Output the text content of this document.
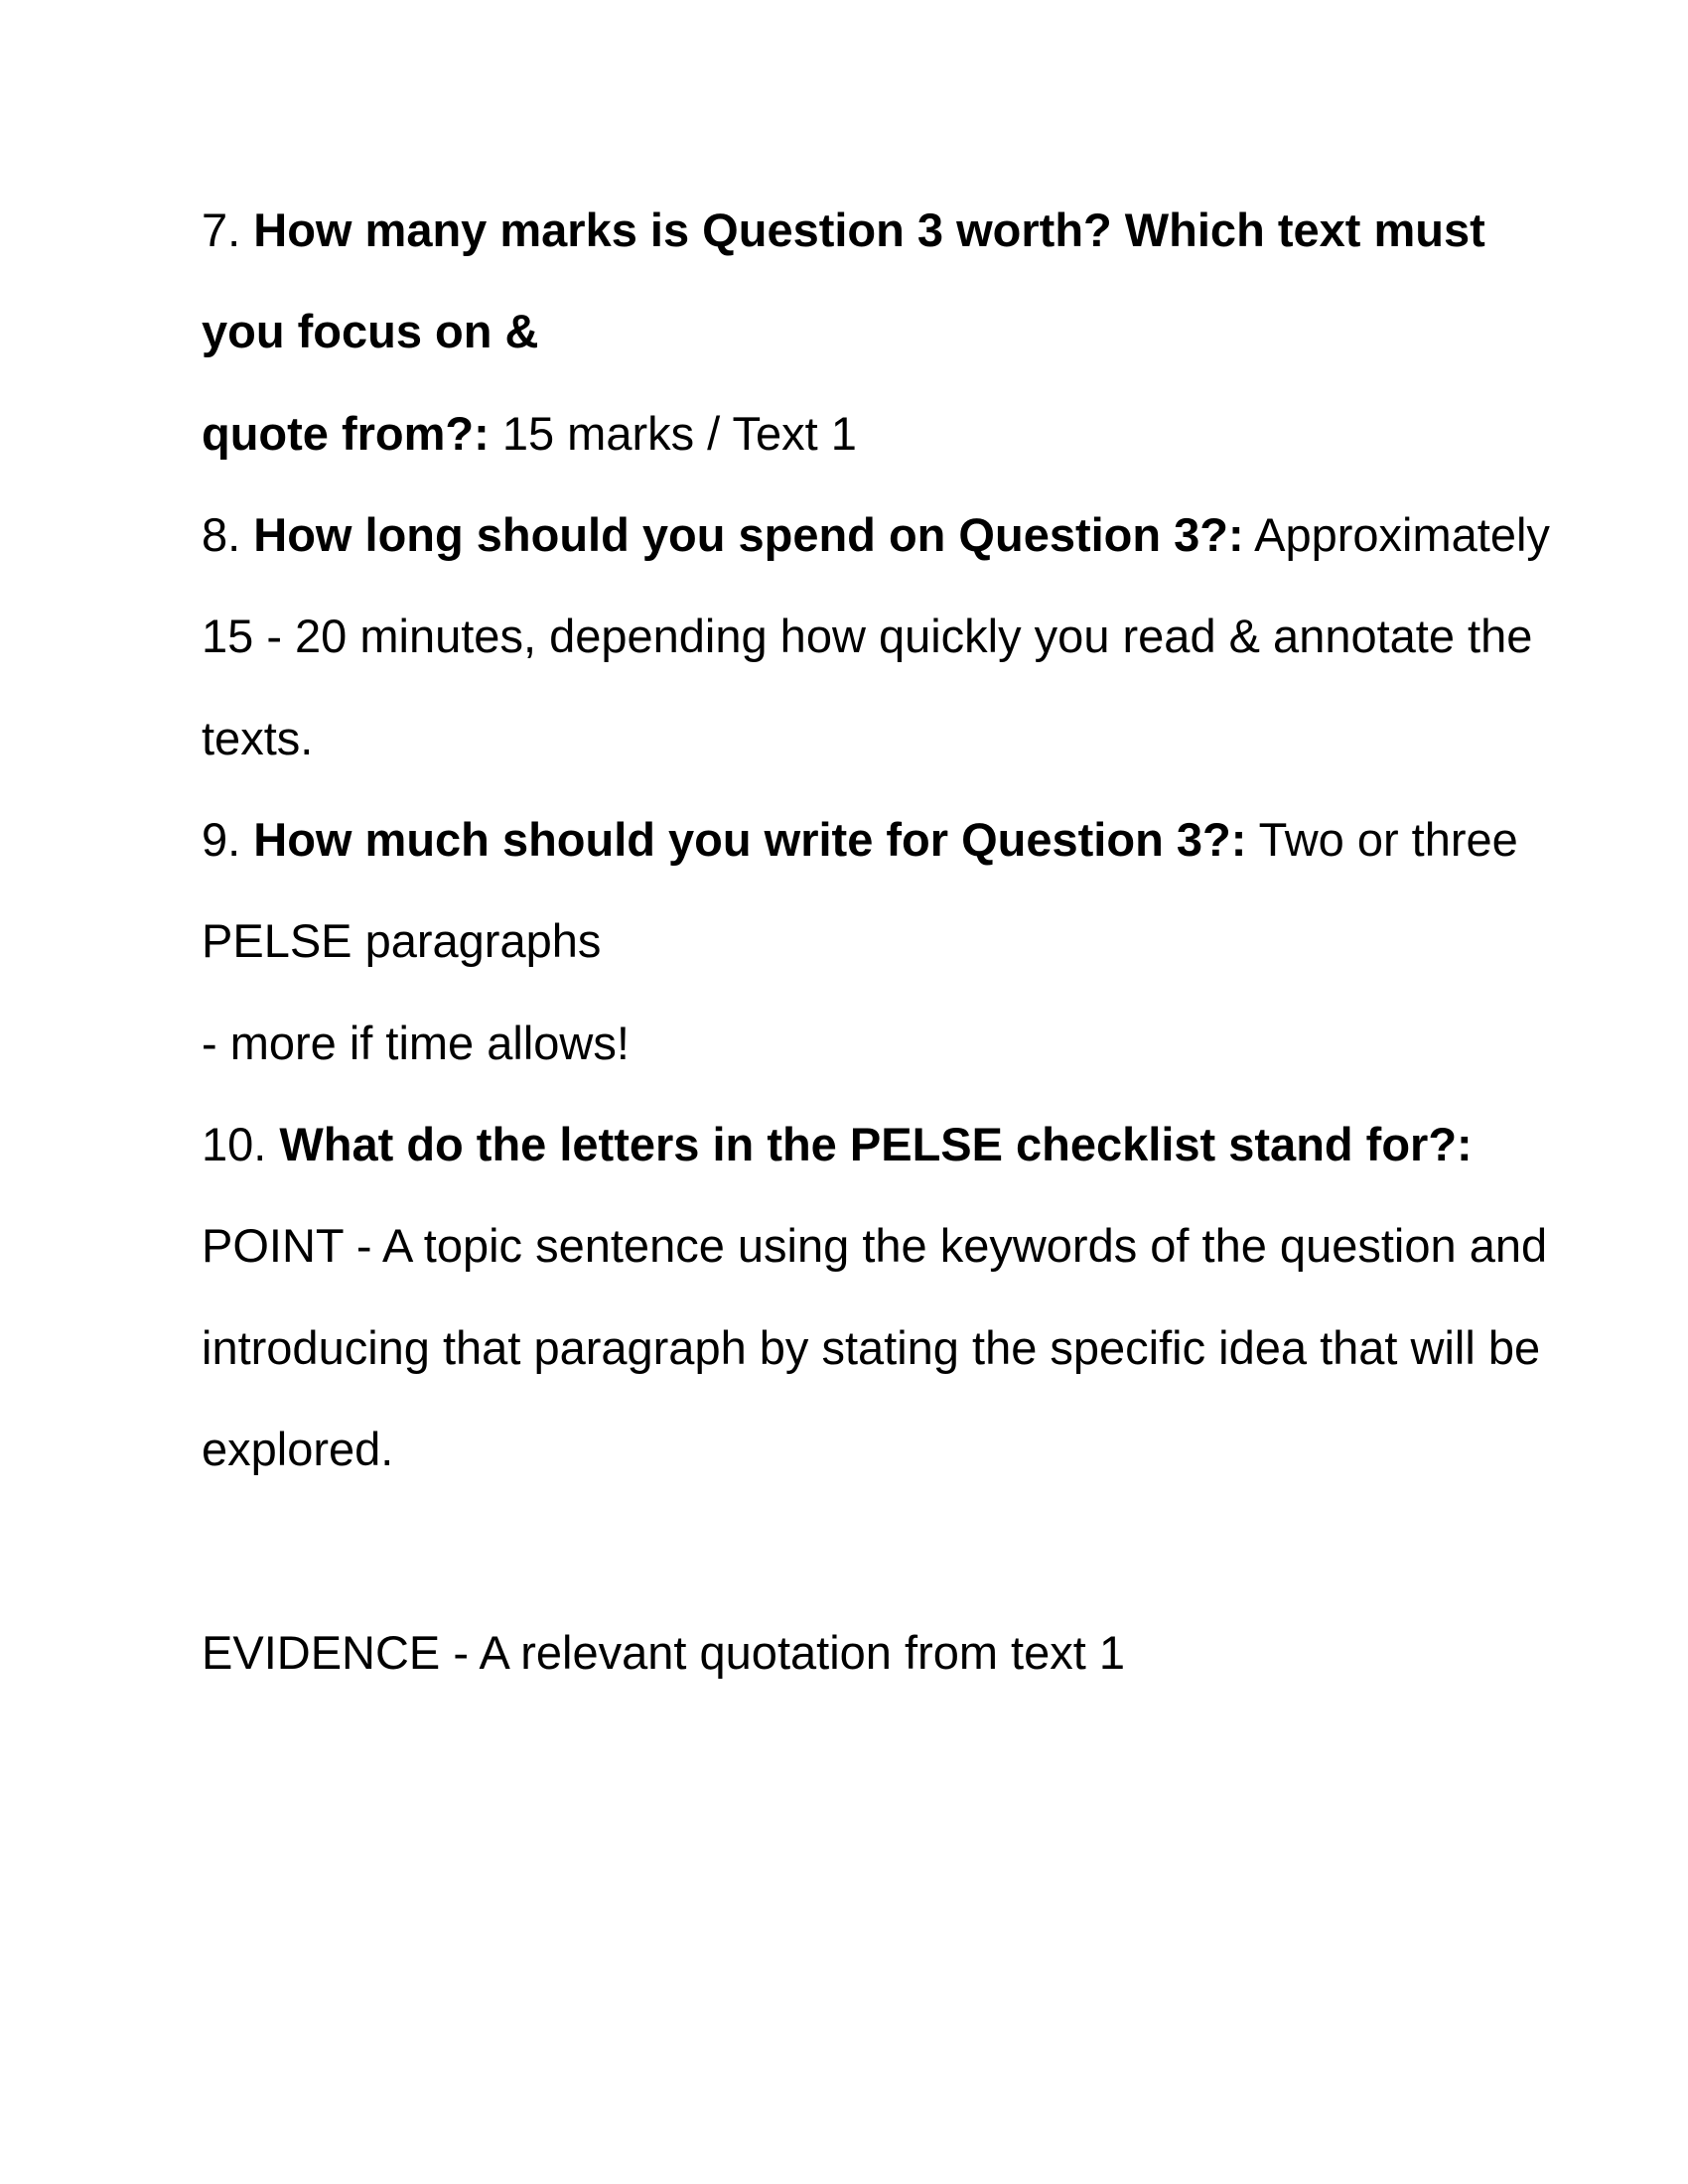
7. How many marks is Question 3 worth? Which text must
you focus on &
quote from?: 15 marks / Text 1
8. How long should you spend on Question 3?: Approximately
15 - 20 minutes, depending how quickly you read & annotate the
texts.
9. How much should you write for Question 3?: Two or three
PELSE paragraphs
- more if time allows!
10. What do the letters in the PELSE checklist stand for?:
POINT - A topic sentence using the keywords of the question and
introducing that paragraph by stating the specific idea that will be
explored.
EVIDENCE - A relevant quotation from text 1
